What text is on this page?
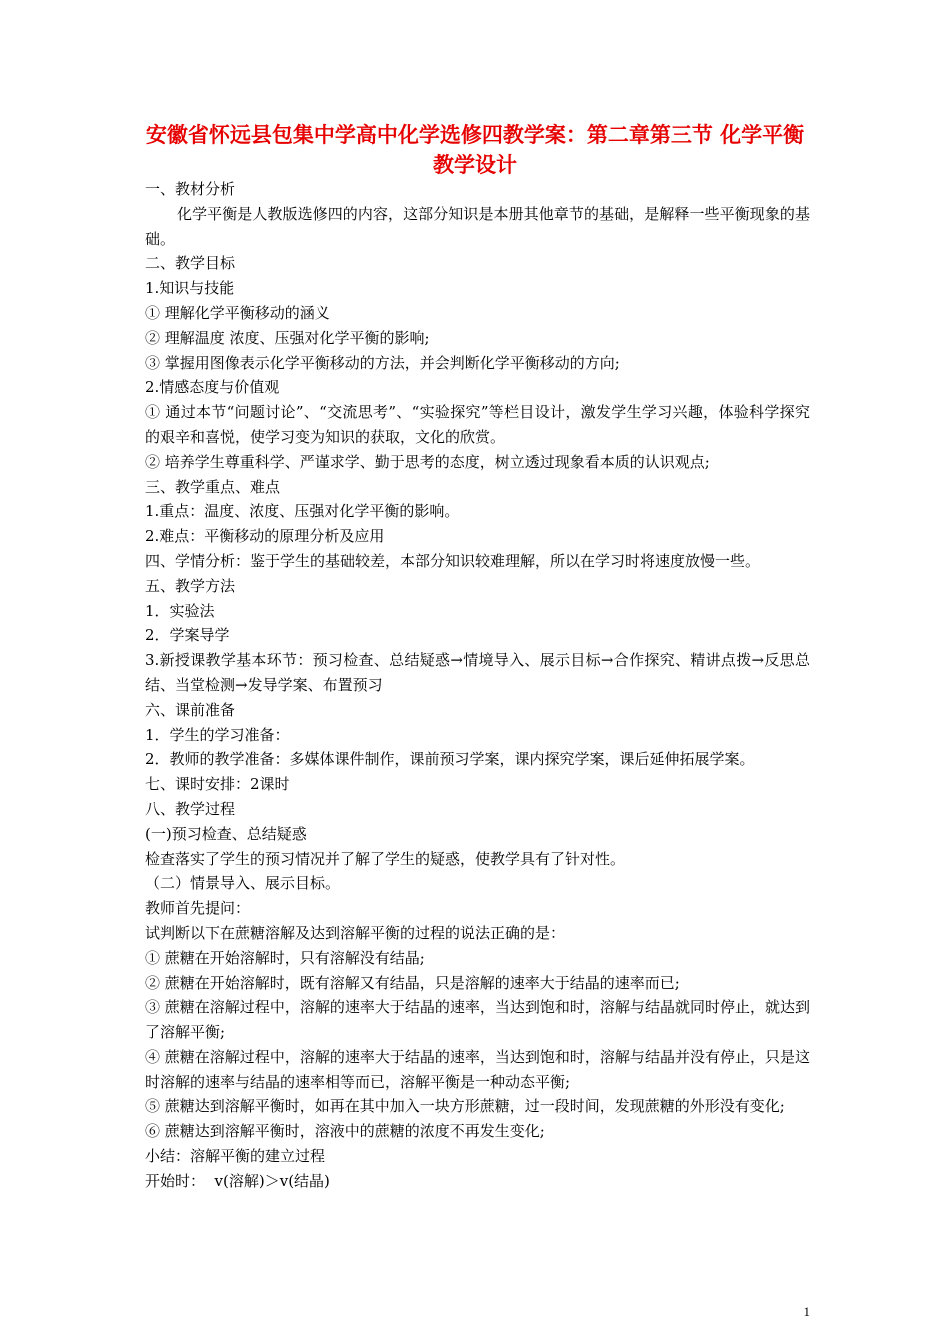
安徽省怀远县包集中学高中化学选修四教学案：第二章第三节 化学平衡 教学设计
一、教材分析
化学平衡是人教版选修四的内容，这部分知识是本册其他章节的基础，是解释一些平衡现象的基础。
二、教学目标
1.知识与技能
① 理解化学平衡移动的涵义
② 理解温度 浓度、压强对化学平衡的影响;
③ 掌握用图像表示化学平衡移动的方法，并会判断化学平衡移动的方向;
2.情感态度与价值观
① 通过本节“问题讨论”、“交流思考”、“实验探究”等栏目设计，激发学生学习兴趣，体验科学探究的艰辛和喜悦，使学习变为知识的获取，文化的欣赏。
② 培养学生尊重科学、严谨求学、勤于思考的态度，树立透过现象看本质的认识观点;
三、教学重点、难点
1.重点：温度、浓度、压强对化学平衡的影响。
2.难点：平衡移动的原理分析及应用
四、学情分析：鉴于学生的基础较差，本部分知识较难理解，所以在学习时将速度放慢一些。
五、教学方法
1．实验法
2．学案导学
3.新授课教学基本环节：预习检查、总结疑惑→情境导入、展示目标→合作探究、精讲点拨→反思总结、当堂检测→发导学案、布置预习
六、课前准备
1．学生的学习准备：
2．教师的教学准备：多媒体课件制作，课前预习学案，课内探究学案，课后延伸拓展学案。
七、课时安排：2课时
八、教学过程
(一)预习检查、总结疑惑
检查落实了学生的预习情况并了解了学生的疑惑，使教学具有了针对性。
（二）情景导入、展示目标。
教师首先提问：
试判断以下在蔗糖溶解及达到溶解平衡的过程的说法正确的是：
① 蔗糖在开始溶解时，只有溶解没有结晶;
② 蔗糖在开始溶解时，既有溶解又有结晶，只是溶解的速率大于结晶的速率而已;
③ 蔗糖在溶解过程中，溶解的速率大于结晶的速率，当达到饱和时，溶解与结晶就同时停止，就达到了溶解平衡;
④ 蔗糖在溶解过程中，溶解的速率大于结晶的速率，当达到饱和时，溶解与结晶并没有停止，只是这时溶解的速率与结晶的速率相等而已，溶解平衡是一种动态平衡;
⑤ 蔗糖达到溶解平衡时，如再在其中加入一块方形蔗糖，过一段时间，发现蔗糖的外形没有变化;
⑥ 蔗糖达到溶解平衡时，溶液中的蔗糖的浓度不再发生变化;
小结：溶解平衡的建立过程
开始时：  v(溶解)＞v(结晶)
1
